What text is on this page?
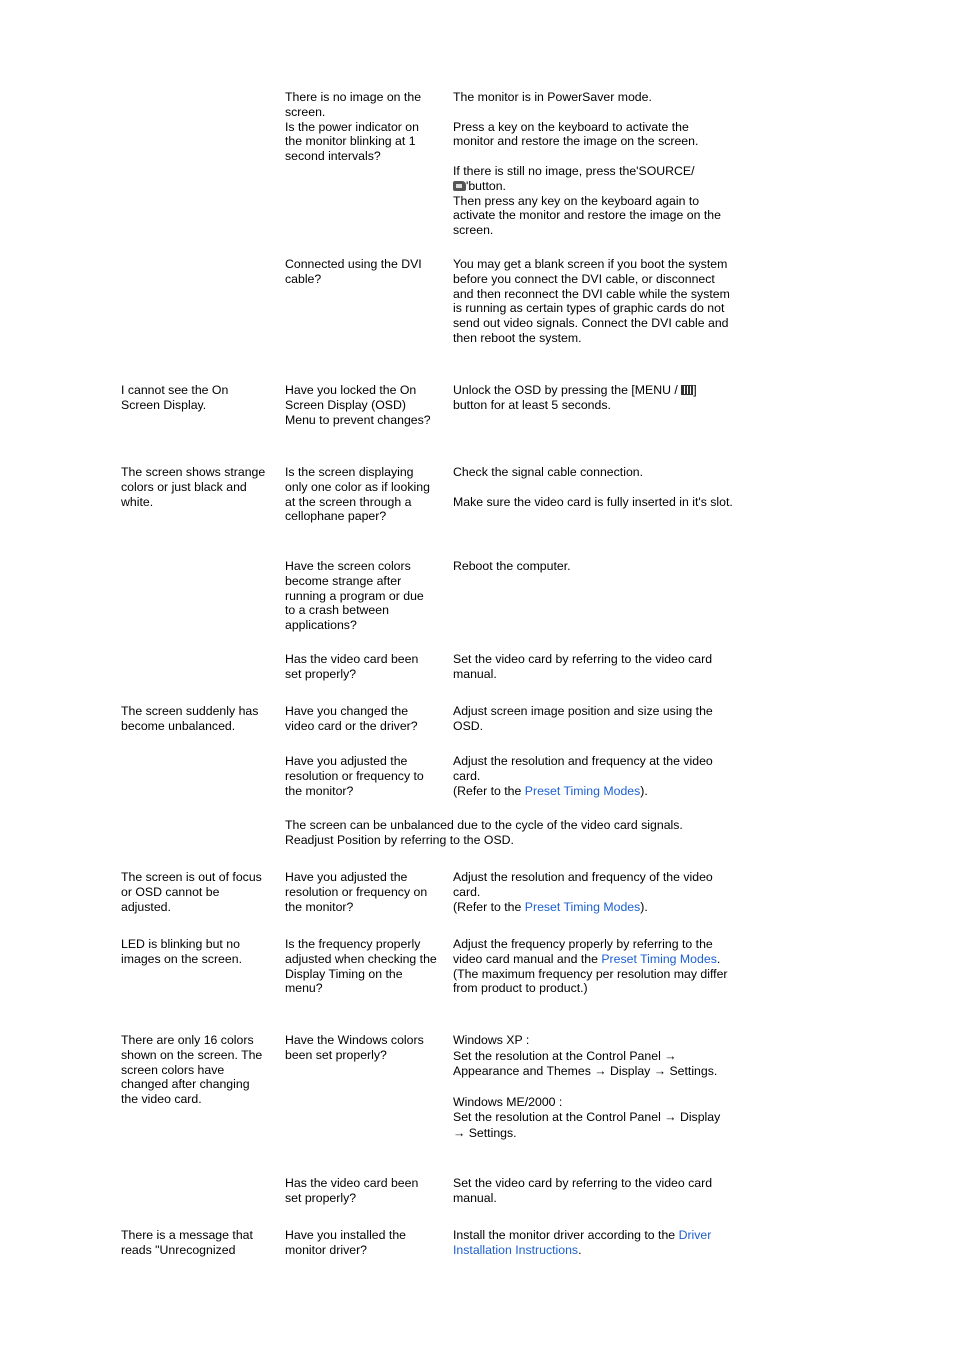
There is no image on the screen.

Is the power indicator on the monitor blinking at 1 second intervals?

The monitor is in PowerSaver mode.

Press a key on the keyboard to activate the monitor and restore the image on the screen.

If there is still no image, press the'SOURCE/
'button.

Then press any key on the keyboard again to activate the monitor and restore the image on the screen.

Connected using the DVI cable?

You may get a blank screen if you boot the system before you connect the DVI cable, or disconnect and then reconnect the DVI cable while the system is running as certain types of graphic cards do not send out video signals. Connect the DVI cable and then reboot the system.

I cannot see the On Screen Display.

Have you locked the On Screen Display (OSD) Menu to prevent changes?

Unlock the OSD by pressing the [MENU / ] button for at least 5 seconds.

The screen shows strange colors or just black and white.

Is the screen displaying only one color as if looking at the screen through a cellophane paper?

Check the signal cable connection.

Make sure the video card is fully inserted in it's slot.

Have the screen colors become strange after running a program or due to a crash between applications?

Reboot the computer.

Has the video card been set properly?

Set the video card by referring to the video card manual.

The screen suddenly has become unbalanced.

Have you changed the video card or the driver?

Adjust screen image position and size using the OSD.

Have you adjusted the resolution or frequency to the monitor?

Adjust the resolution and frequency at the video card.

(Refer to the Preset Timing Modes).

The screen can be unbalanced due to the cycle of the video card signals. Readjust Position by referring to the OSD.

The screen is out of focus or OSD cannot be adjusted.

Have you adjusted the resolution or frequency on the monitor?

Adjust the resolution and frequency of the video card.

(Refer to the Preset Timing Modes).

LED is blinking but no images on the screen.

Is the frequency properly adjusted when checking the Display Timing on the menu?

Adjust the frequency properly by referring to the video card manual and the Preset Timing Modes.

(The maximum frequency per resolution may differ from product to product.)

There are only 16 colors shown on the screen. The screen colors have changed after changing the video card.

Have the Windows colors been set properly?

Windows XP :

Set the resolution at the Control Panel → Appearance and Themes → Display → Settings.

Windows ME/2000 :

Set the resolution at the Control Panel → Display → Settings.

Has the video card been set properly?

Set the video card by referring to the video card manual.

There is a message that reads "Unrecognized

Have you installed the monitor driver?

Install the monitor driver according to the Driver Installation Instructions.
